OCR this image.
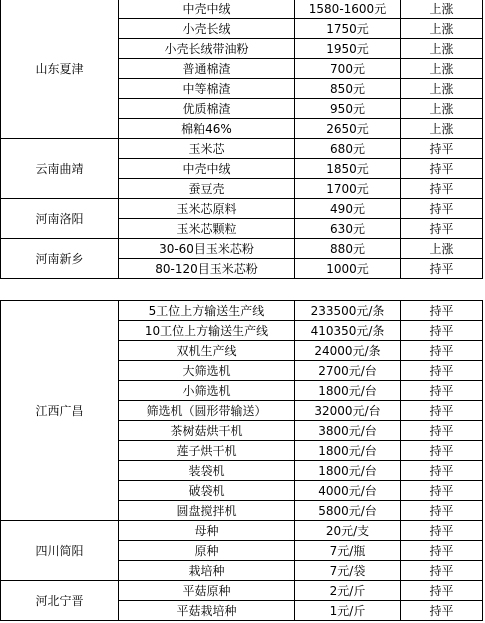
山东夏津	中壳中绒	1580-1600元	上涨
	小壳长绒	1750元	上涨
	小壳长绒带油粉	1950元	上涨
	普通棉渣	700元	上涨
	中等棉渣	850元	上涨
	优质棉渣	950元	上涨
	棉粕46%	2650元	上涨
云南曲靖	玉米芯	680元	持平
	中壳中绒	1850元	持平
	蚕豆壳	1700元	持平
河南洛阳	玉米芯原料	490元	持平
	玉米芯颗粒	630元	持平
河南新乡	30-60目玉米芯粉	880元	上涨
	80-120目玉米芯粉	1000元	持平
江西广昌	5工位上方输送生产线	233500元/条	持平
	10工位上方输送生产线	410350元/条	持平
	双机生产线	24000元/条	持平
	大筛选机	2700元/台	持平
	小筛选机	1800元/台	持平
	筛选机（圆形带输送）	32000元/台	持平
	茶树菇烘干机	3800元/台	持平
	莲子烘干机	1800元/台	持平
	装袋机	1800元/台	持平
	破袋机	4000元/台	持平
	圆盘搅拌机	5800元/台	持平
四川简阳	母种	20元/支	持平
	原种	7元/瓶	持平
	栽培种	7元/袋	持平
河北宁晋	平菇原种	2元/斤	持平
	平菇栽培种	1元/斤	持平
